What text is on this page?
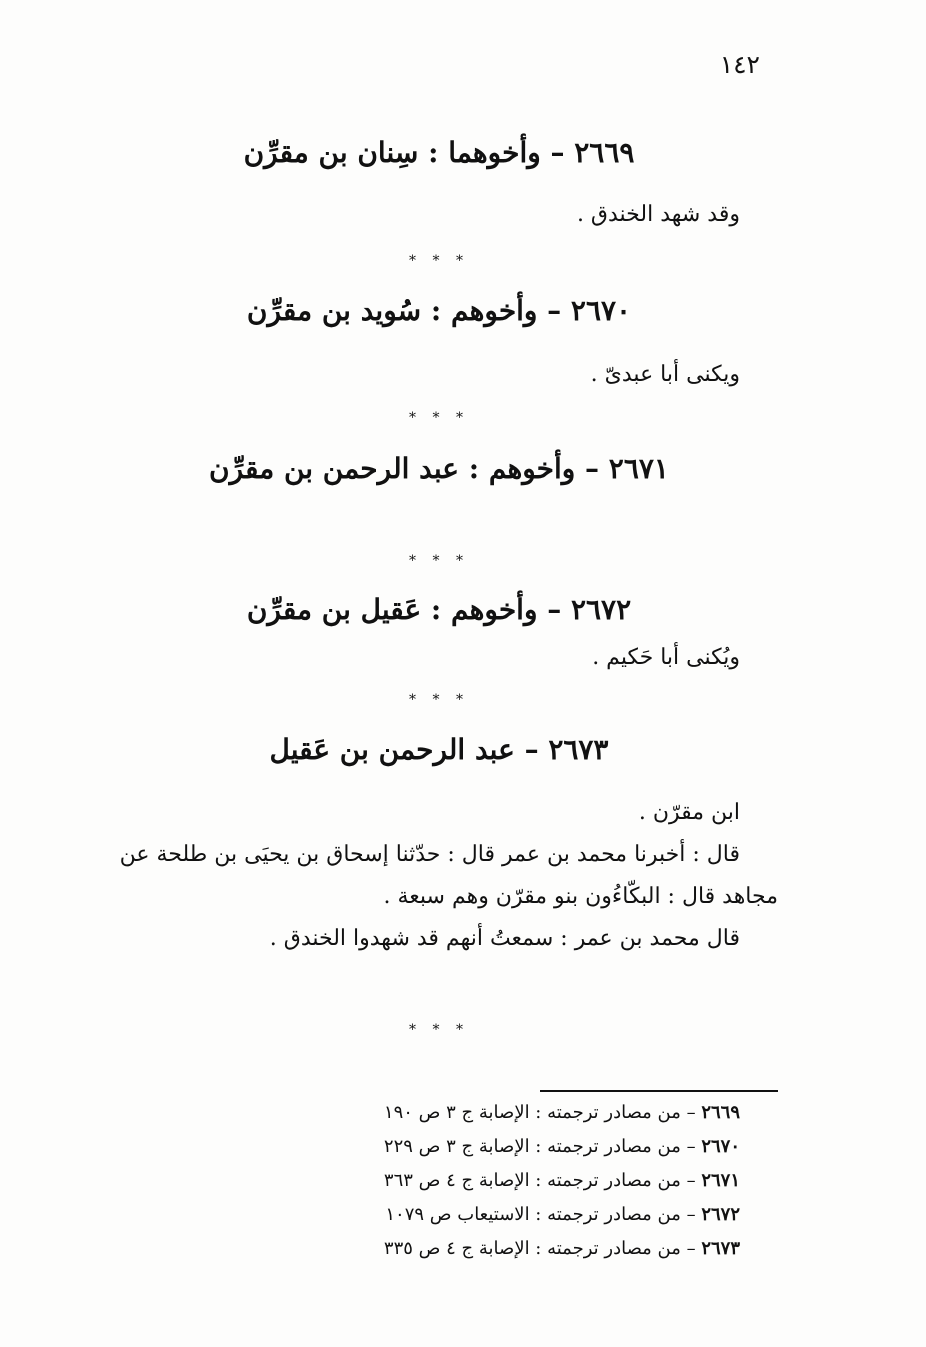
١٤٢
٢٦٦٩ – وأخوهما : سِنان بن مقرِّن
وقد شهد الخندق .
* * *
٢٦٧٠ – وأخوهم : سُويد بن مقرِّن
ويكنى أبا عبدىّ .
* * *
٢٦٧١ – وأخوهم : عبد الرحمن بن مقرِّن
* * *
٢٦٧٢ – وأخوهم : عَقيل بن مقرِّن
ويُكنى أبا حَكيم .
* * *
٢٦٧٣ – عبد الرحمن بن عَقيل
ابن مقرّن .
قال : أخبرنا محمد بن عمر قال : حدّثنا إسحاق بن يحيَى بن طلحة عن
مجاهد قال : البكّاءُون بنو مقرّن وهم سبعة .
قال محمد بن عمر : سمعتُ أنهم قد شهدوا الخندق .
* * *
٢٦٦٩ – من مصادر ترجمته : الإصابة ج ٣ ص ١٩٠
٢٦٧٠ – من مصادر ترجمته : الإصابة ج ٣ ص ٢٢٩
٢٦٧١ – من مصادر ترجمته : الإصابة ج ٤ ص ٣٦٣
٢٦٧٢ – من مصادر ترجمته : الاستيعاب ص ١٠٧٩
٢٦٧٣ – من مصادر ترجمته : الإصابة ج ٤ ص ٣٣٥
